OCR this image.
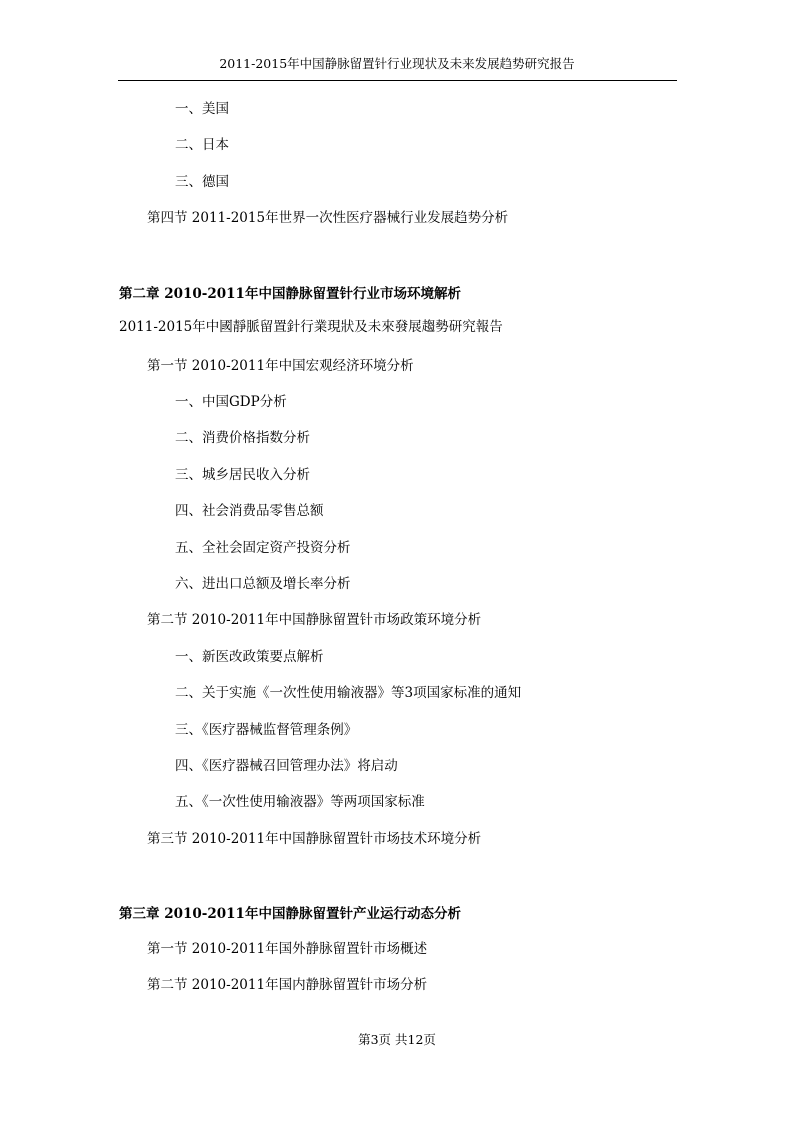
2011-2015年中国静脉留置针行业现状及未来发展趋势研究报告
一、美国
二、日本
三、德国
第四节 2011-2015年世界一次性医疗器械行业发展趋势分析
第二章 2010-2011年中国静脉留置针行业市场环境解析
2011-2015年中國靜脈留置針行業現狀及未來發展趨勢研究報告
第一节 2010-2011年中国宏观经济环境分析
一、中国GDP分析
二、消费价格指数分析
三、城乡居民收入分析
四、社会消费品零售总额
五、全社会固定资产投资分析
六、进出口总额及增长率分析
第二节 2010-2011年中国静脉留置针市场政策环境分析
一、新医改政策要点解析
二、关于实施《一次性使用输液器》等3项国家标准的通知
三、《医疗器械监督管理条例》
四、《医疗器械召回管理办法》将启动
五、《一次性使用输液器》等两项国家标准
第三节 2010-2011年中国静脉留置针市场技术环境分析
第三章 2010-2011年中国静脉留置针产业运行动态分析
第一节 2010-2011年国外静脉留置针市场概述
第二节 2010-2011年国内静脉留置针市场分析
第3页 共12页
